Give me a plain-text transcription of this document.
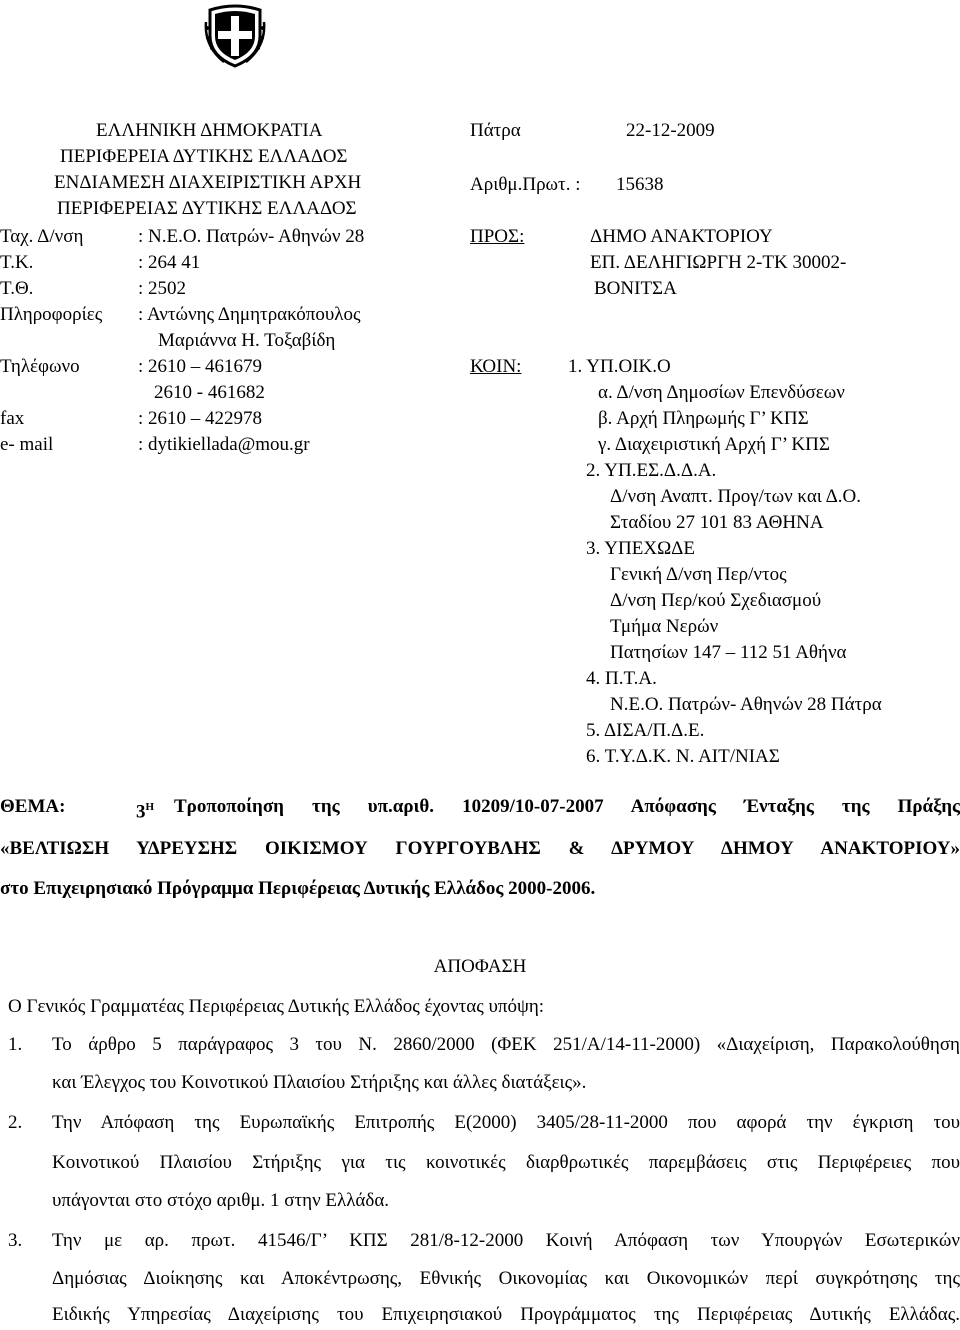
ΕΛΛΗΝΙΚΗ ΔΗΜΟΚΡΑΤΙΑ
ΠΕΡΙΦΕΡΕΙΑ ΔΥΤΙΚΗΣ ΕΛΛΑΔΟΣ
ΕΝΔΙΑΜΕΣΗ ΔΙΑΧΕΙΡΙΣΤΙΚΗ ΑΡΧΗ
ΠΕΡΙΦΕΡΕΙΑΣ ΔΥΤΙΚΗΣ ΕΛΛΑΔΟΣ
Ταχ. Δ/νση	: Ν.Ε.Ο. Πατρών- Αθηνών 28
Τ.Κ.	: 264 41
Τ.Θ.	: 2502
Πληροφορίες : Αντώνης Δημητρακόπουλος
Μαριάννα Η. Τοξαβίδη
Τηλέφωνο	: 2610 – 461679
2610 - 461682
fax	: 2610 – 422978
e- mail	: dytikiellada@mou.gr
Πάτρα	22-12-2009
Αριθμ.Πρωτ. : 15638
ΠΡΟΣ:	ΔΗΜΟ ΑΝΑΚΤΟΡΙΟΥ
ΕΠ. ΔΕΛΗΓΙΩΡΓΗ 2-ΤΚ 30002-
ΒΟΝΙΤΣΑ
ΚΟΙΝ: 1. ΥΠ.ΟΙΚ.Ο
α. Δ/νση Δημοσίων Επενδύσεων
β. Αρχή Πληρωμής Γ’ ΚΠΣ
γ. Διαχειριστική Αρχή Γ’ ΚΠΣ
2. ΥΠ.ΕΣ.Δ.Δ.Α.
Δ/νση Αναπτ. Προγ/των και Δ.Ο.
Σταδίου 27 101 83 ΑΘΗΝΑ
3. ΥΠΕΧΩΔΕ
Γενική Δ/νση Περ/ντος
Δ/νση Περ/κού Σχεδιασμού
Τμήμα Νερών
Πατησίων 147 – 112 51 Αθήνα
4. Π.Τ.Α.
Ν.Ε.Ο. Πατρών- Αθηνών 28 Πάτρα
5. ΔΙΣΑ/Π.Δ.Ε.
6. Τ.Υ.Δ.Κ. Ν. ΑΙΤ/ΝΙΑΣ
ΘΕΜΑ:	$3^H$ Τροποποίηση της υπ.αριθ. 10209/10-07-2007 Απόφασης Ένταξης της Πράξης
«ΒΕΛΤΙΩΣΗ ΥΔΡΕΥΣΗΣ ΟΙΚΙΣΜΟΥ ΓΟΥΡΓΟΥΒΛΗΣ & ΔΡΥΜΟΥ ΔΗΜΟΥ ΑΝΑΚΤΟΡΙΟΥ»
στο Επιχειρησιακό Πρόγραμμα Περιφέρειας Δυτικής Ελλάδος 2000-2006.
ΑΠΟΦΑΣΗ
Ο Γενικός Γραμματέας Περιφέρειας Δυτικής Ελλάδος έχοντας υπόψη:
1. Το άρθρο 5 παράγραφος 3 του Ν. 2860/2000 (ΦΕΚ 251/Α/14-11-2000) «Διαχείριση, Παρακολούθηση
και Έλεγχος του Κοινοτικού Πλαισίου Στήριξης και άλλες διατάξεις».
2. Την Απόφαση της Ευρωπαϊκής Επιτροπής Ε(2000) 3405/28-11-2000 που αφορά την έγκριση του
Κοινοτικού Πλαισίου Στήριξης για τις κοινοτικές διαρθρωτικές παρεμβάσεις στις Περιφέρειες που
υπάγονται στο στόχο αριθμ. 1 στην Ελλάδα.
3. Την με αρ. πρωτ. 41546/Γ’ ΚΠΣ 281/8-12-2000 Κοινή Απόφαση των Υπουργών Εσωτερικών
Δημόσιας Διοίκησης και Αποκέντρωσης, Εθνικής Οικονομίας και Οικονομικών περί συγκρότησης της
Ειδικής Υπηρεσίας Διαχείρισης του Επιχειρησιακού Προγράμματος της Περιφέρειας Δυτικής Ελλάδας.
